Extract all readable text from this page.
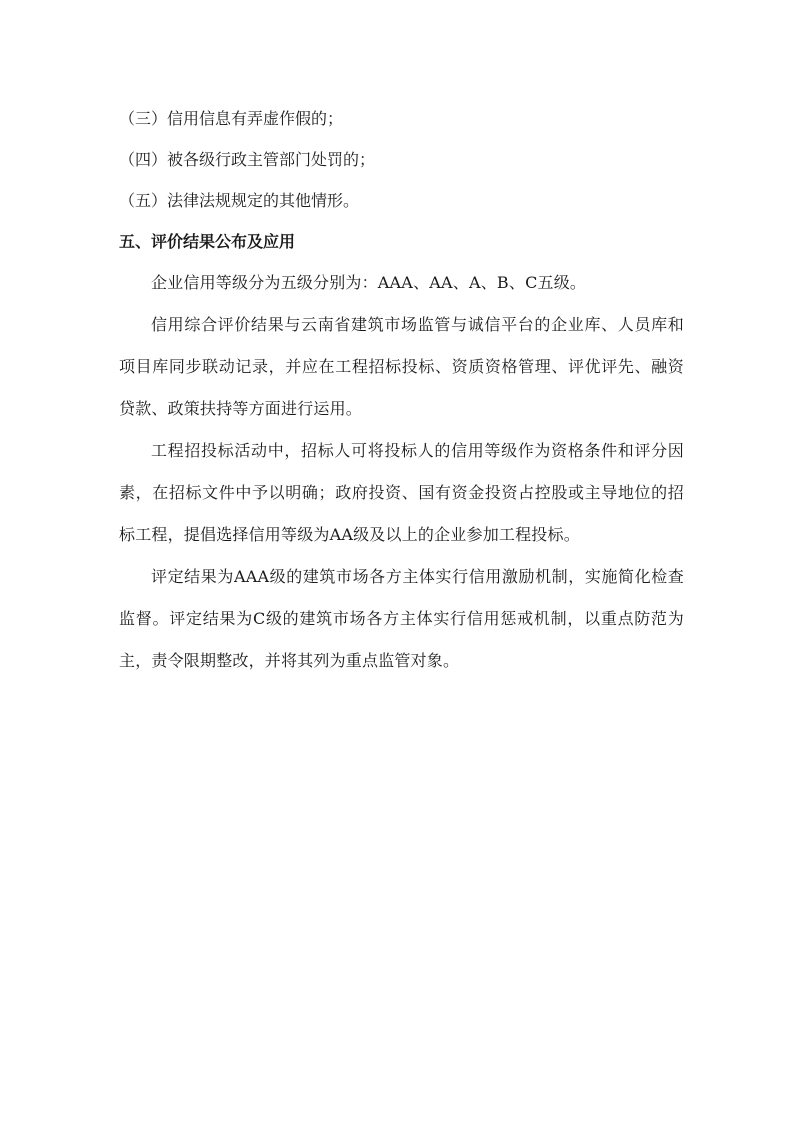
（三）信用信息有弄虚作假的；

（四）被各级行政主管部门处罚的；

（五）法律法规规定的其他情形。

五、评价结果公布及应用

企业信用等级分为五级分别为：AAA、AA、A、B、C五级。

信用综合评价结果与云南省建筑市场监管与诚信平台的企业库、人员库和项目库同步联动记录，并应在工程招标投标、资质资格管理、评优评先、融资贷款、政策扶持等方面进行运用。

工程招投标活动中，招标人可将投标人的信用等级作为资格条件和评分因素，在招标文件中予以明确；政府投资、国有资金投资占控股或主导地位的招标工程，提倡选择信用等级为AA级及以上的企业参加工程投标。

评定结果为AAA级的建筑市场各方主体实行信用激励机制，实施简化检查监督。评定结果为C级的建筑市场各方主体实行信用惩戒机制，以重点防范为主，责令限期整改，并将其列为重点监管对象。
